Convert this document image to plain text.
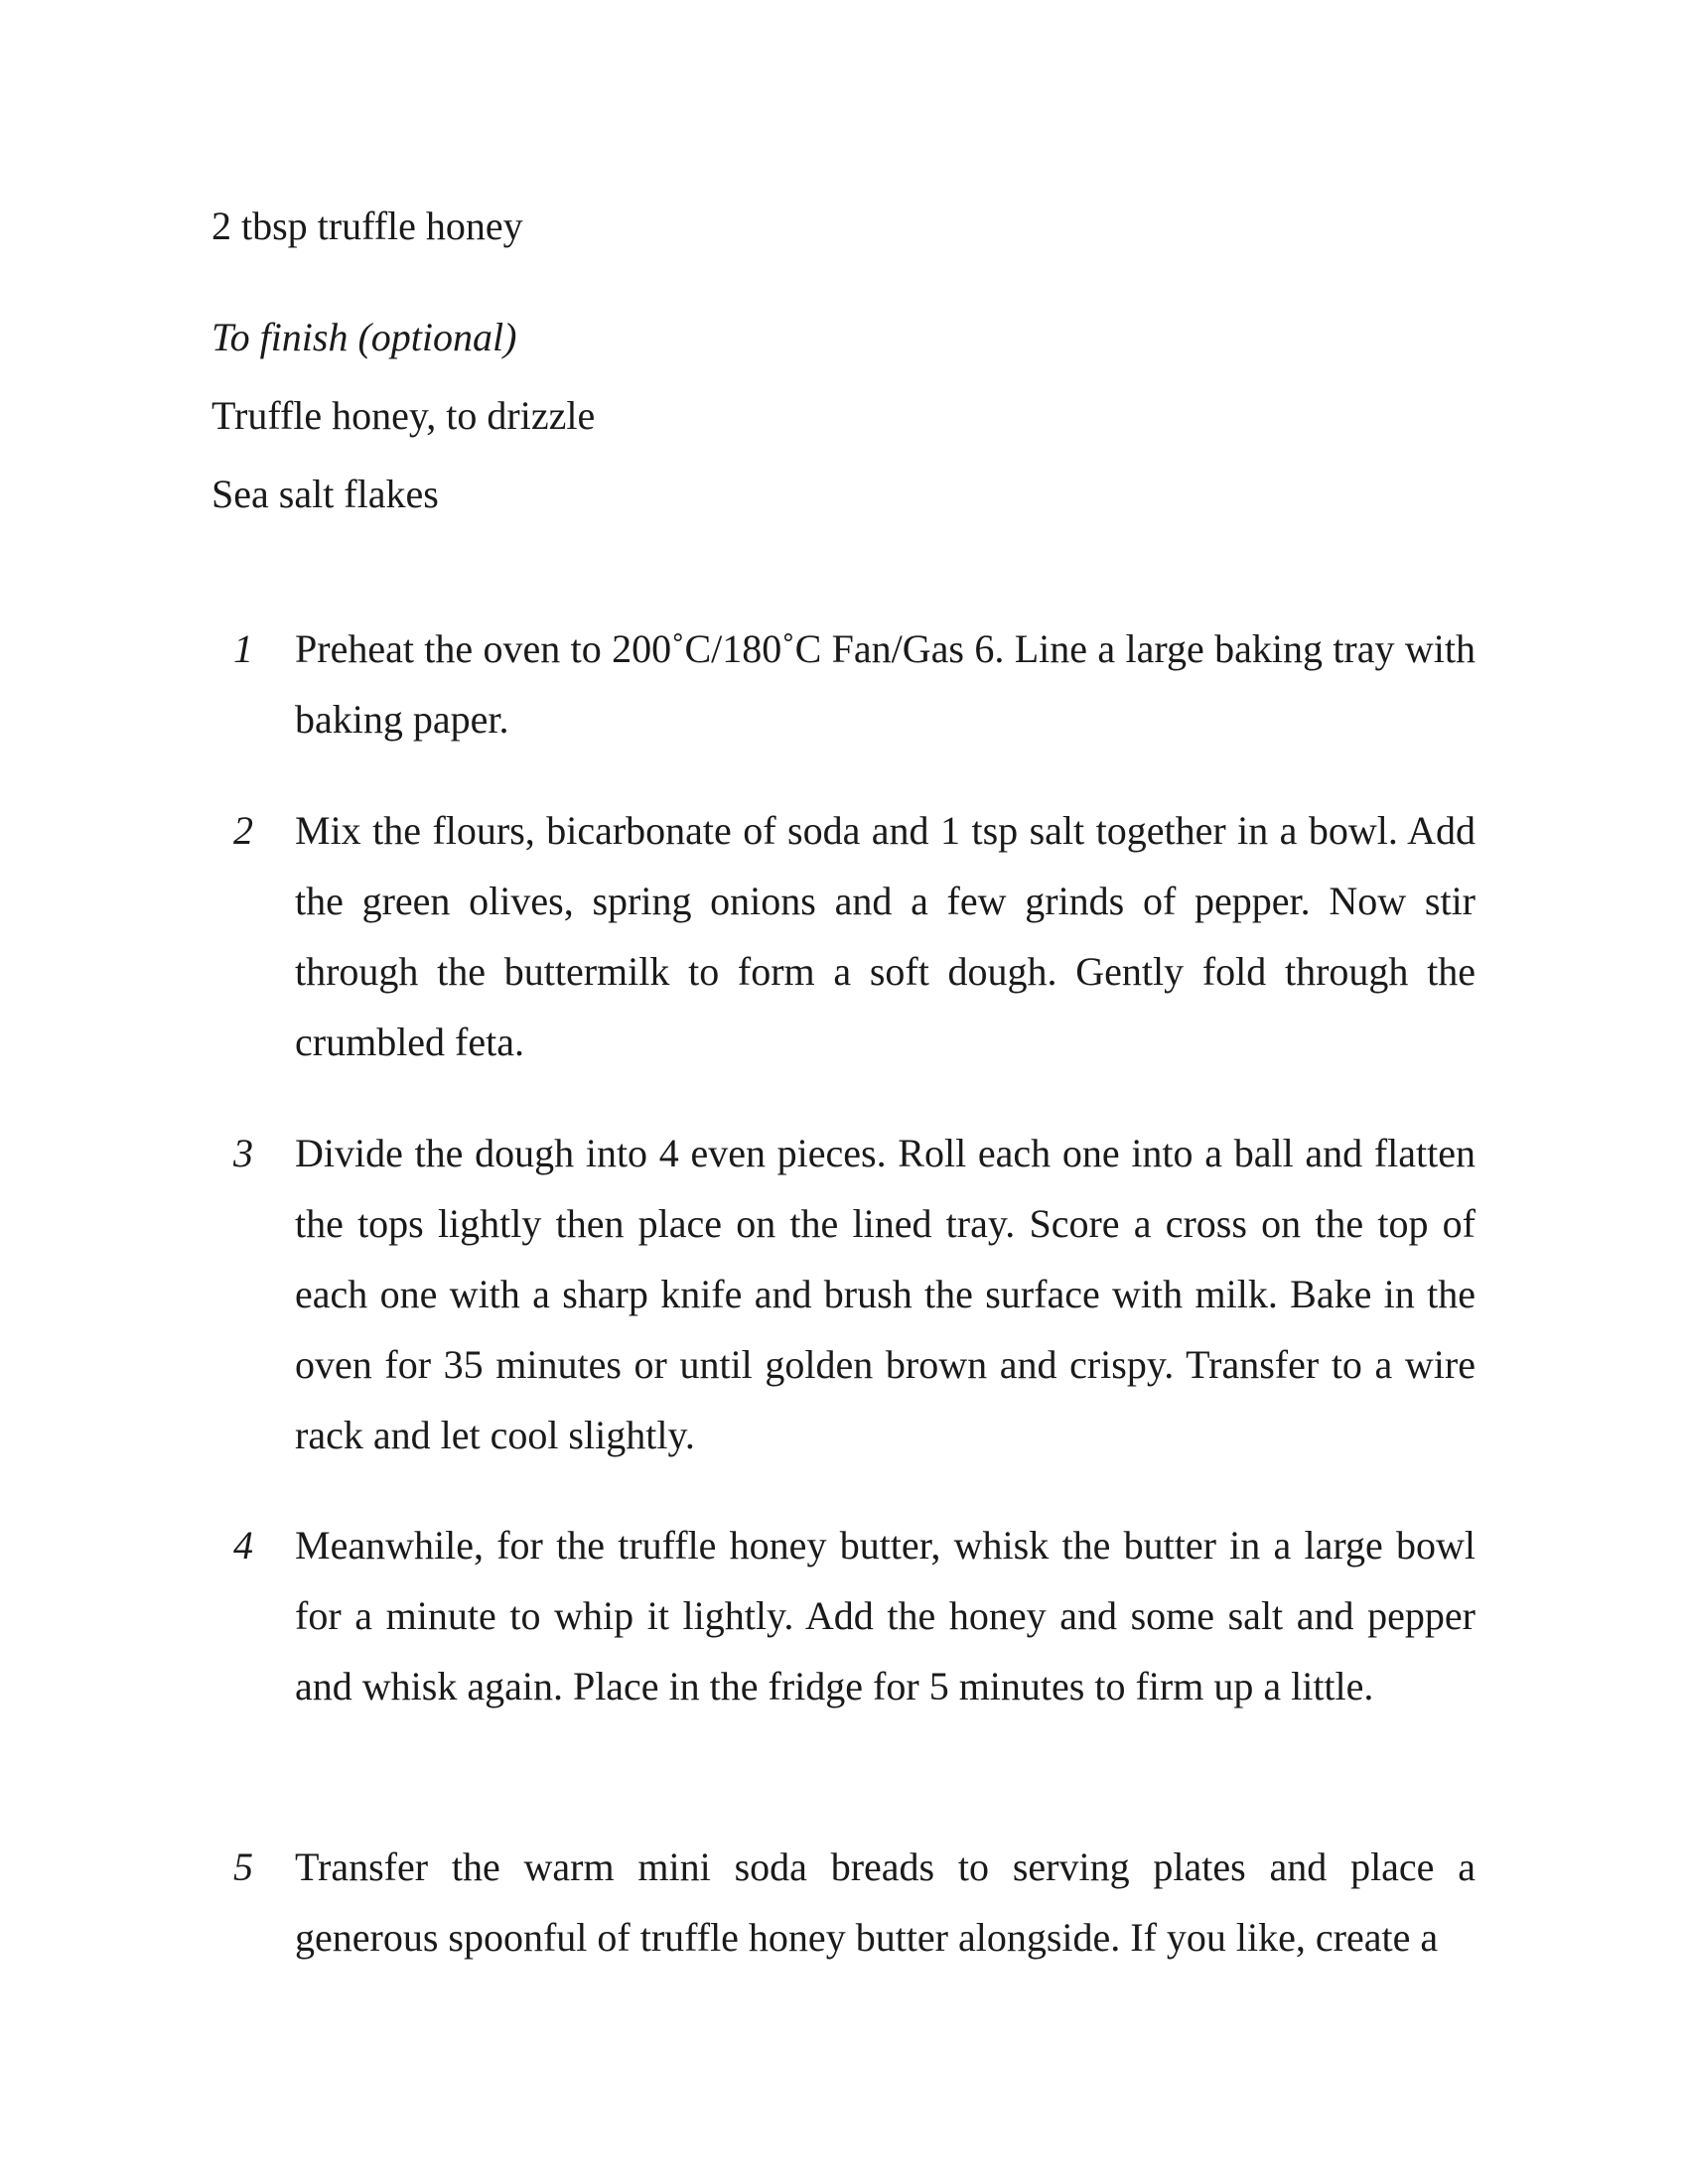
2 tbsp truffle honey
To finish (optional)
Truffle honey, to drizzle
Sea salt flakes
1 Preheat the oven to 200˚C/180˚C Fan/Gas 6. Line a large baking tray with baking paper.
2 Mix the flours, bicarbonate of soda and 1 tsp salt together in a bowl. Add the green olives, spring onions and a few grinds of pepper. Now stir through the buttermilk to form a soft dough. Gently fold through the crumbled feta.
3 Divide the dough into 4 even pieces. Roll each one into a ball and flatten the tops lightly then place on the lined tray. Score a cross on the top of each one with a sharp knife and brush the surface with milk. Bake in the oven for 35 minutes or until golden brown and crispy. Transfer to a wire rack and let cool slightly.
4 Meanwhile, for the truffle honey butter, whisk the butter in a large bowl for a minute to whip it lightly. Add the honey and some salt and pepper and whisk again. Place in the fridge for 5 minutes to firm up a little.
5 Transfer the warm mini soda breads to serving plates and place a generous spoonful of truffle honey butter alongside. If you like, create a
